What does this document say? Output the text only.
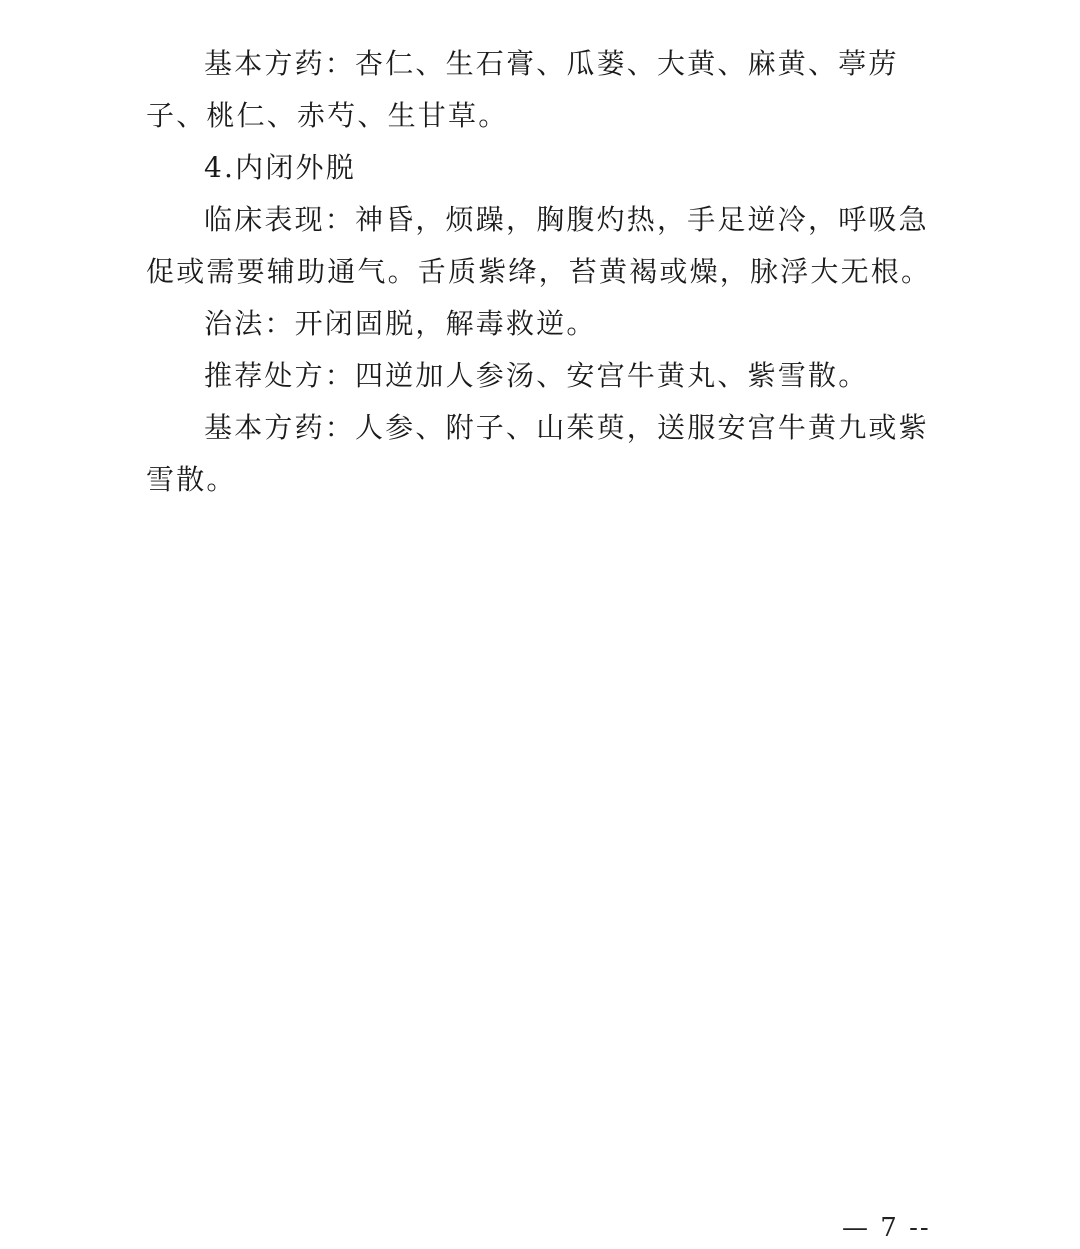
基本方药：杏仁、生石膏、瓜蒌、大黄、麻黄、葶苈子、桃仁、赤芍、生甘草。

4.内闭外脱

临床表现：神昏，烦躁，胸腹灼热，手足逆冷，呼吸急促或需要辅助通气。舌质紫绛，苔黄褐或燥，脉浮大无根。

治法：开闭固脱，解毒救逆。

推荐处方：四逆加人参汤、安宫牛黄丸、紫雪散。

基本方药：人参、附子、山茱萸，送服安宫牛黄九或紫雪散。

— 7 --
